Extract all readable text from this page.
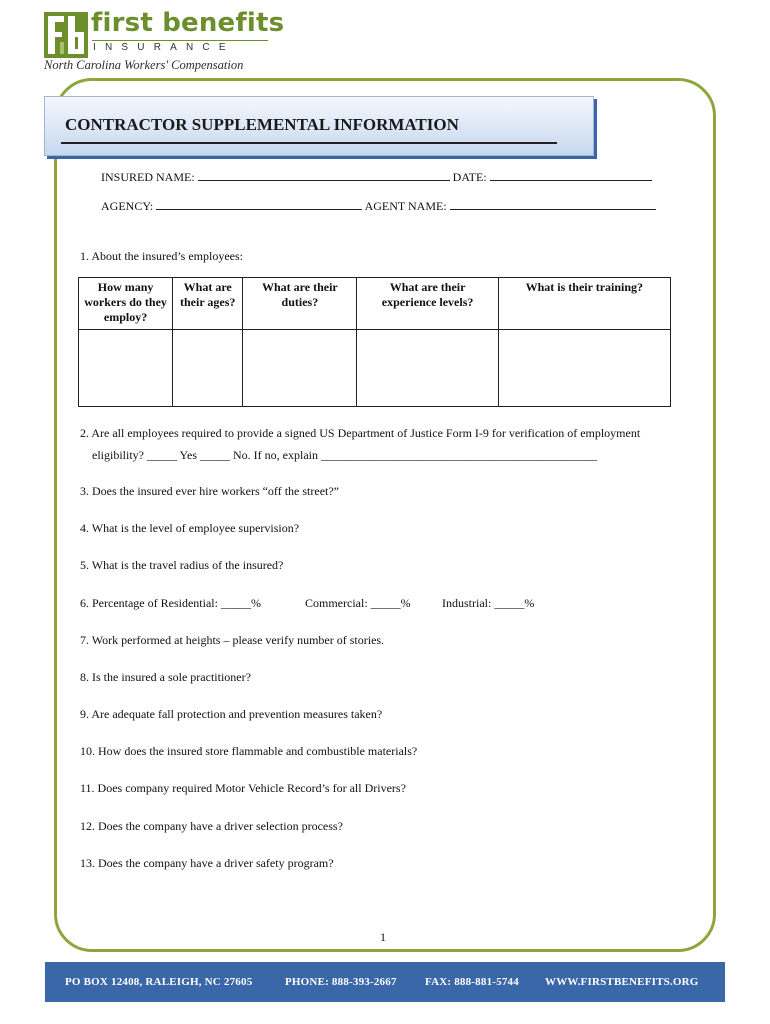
first benefits
INSURANCE
North Carolina Workers' Compensation
CONTRACTOR SUPPLEMENTAL INFORMATION
INSURED NAME:	DATE:
AGENCY:	AGENT NAME:
1. About the insured’s employees:
How many workers do they employ?	What are their ages?	What are their duties?	What are their experience levels?	What is their training?

2. Are all employees required to provide a signed US Department of Justice Form I-9 for verification of employment
eligibility? _____ Yes _____ No. If no, explain ______________________________________________
3. Does the insured ever hire workers “off the street?”
4. What is the level of employee supervision?
5. What is the travel radius of the insured?
6. Percentage of Residential: _____%	Commercial: _____%	Industrial: _____%
7. Work performed at heights – please verify number of stories.
8. Is the insured a sole practitioner?
9. Are adequate fall protection and prevention measures taken?
10. How does the insured store flammable and combustible materials?
11. Does company required Motor Vehicle Record’s for all Drivers?
12. Does the company have a driver selection process?
13. Does the company have a driver safety program?
1
PO BOX 12408, RALEIGH, NC 27605	PHONE: 888-393-2667	FAX: 888-881-5744 WWW.FIRSTBENEFITS.ORG
